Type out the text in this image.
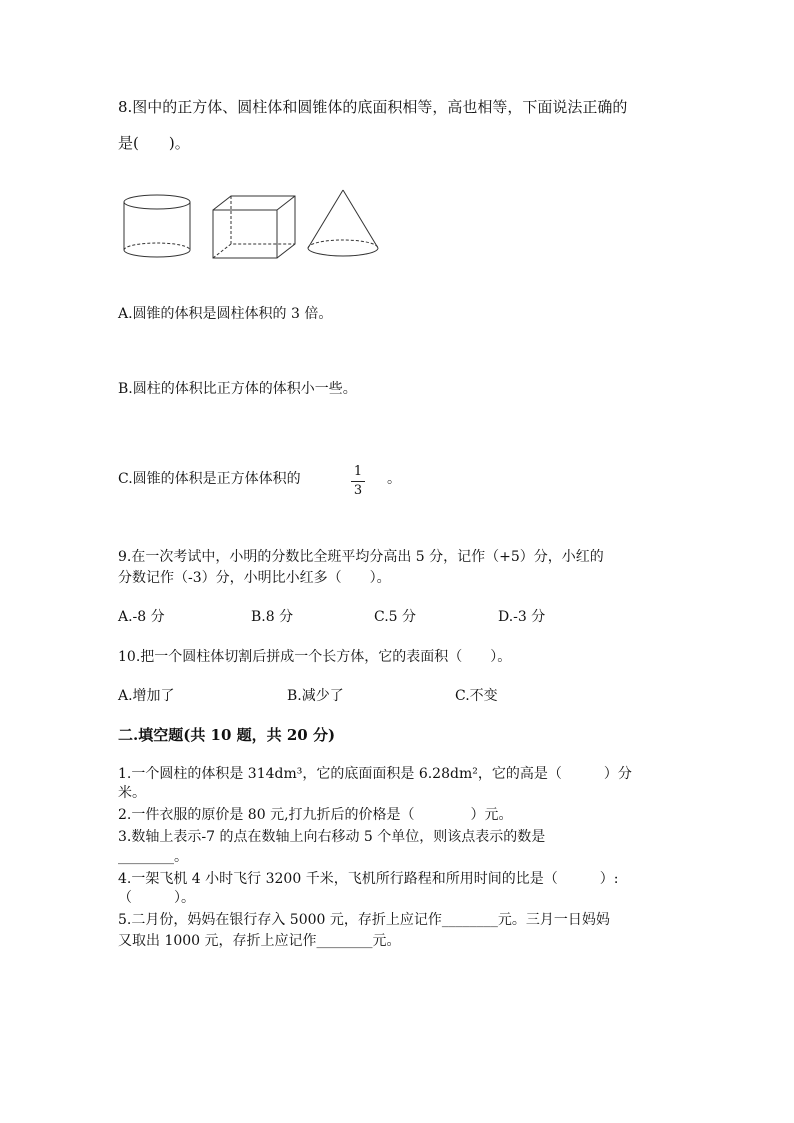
8.图中的正方体、圆柱体和圆锥体的底面积相等，高也相等，下面说法正确的
是(　　)。
A.圆锥的体积是圆柱体积的 3 倍。
B.圆柱的体积比正方体的体积小一些。
C.圆锥的体积是正方体体积的	1
3
。
9.在一次考试中，小明的分数比全班平均分高出 5 分，记作（+5）分，小红的
分数记作（-3）分，小明比小红多（　　）。
A.-8 分	B.8 分	C.5 分	D.-3 分
10.把一个圆柱体切割后拼成一个长方体，它的表面积（　　）。
A.增加了	B.减少了	C.不变
二.填空题(共 10 题，共 20 分)
1.一个圆柱的体积是 314dm³，它的底面面积是 6.28dm²，它的高是（　　　）分
米。
2.一件衣服的原价是 80 元,打九折后的价格是（　　　　）元。
3.数轴上表示-7 的点在数轴上向右移动 5 个单位，则该点表示的数是
________。
4.一架飞机 4 小时飞行 3200 千米，飞机所行路程和所用时间的比是（　　　）:
（　　　）。
5.二月份，妈妈在银行存入 5000 元，存折上应记作________元。三月一日妈妈
又取出 1000 元，存折上应记作________元。
